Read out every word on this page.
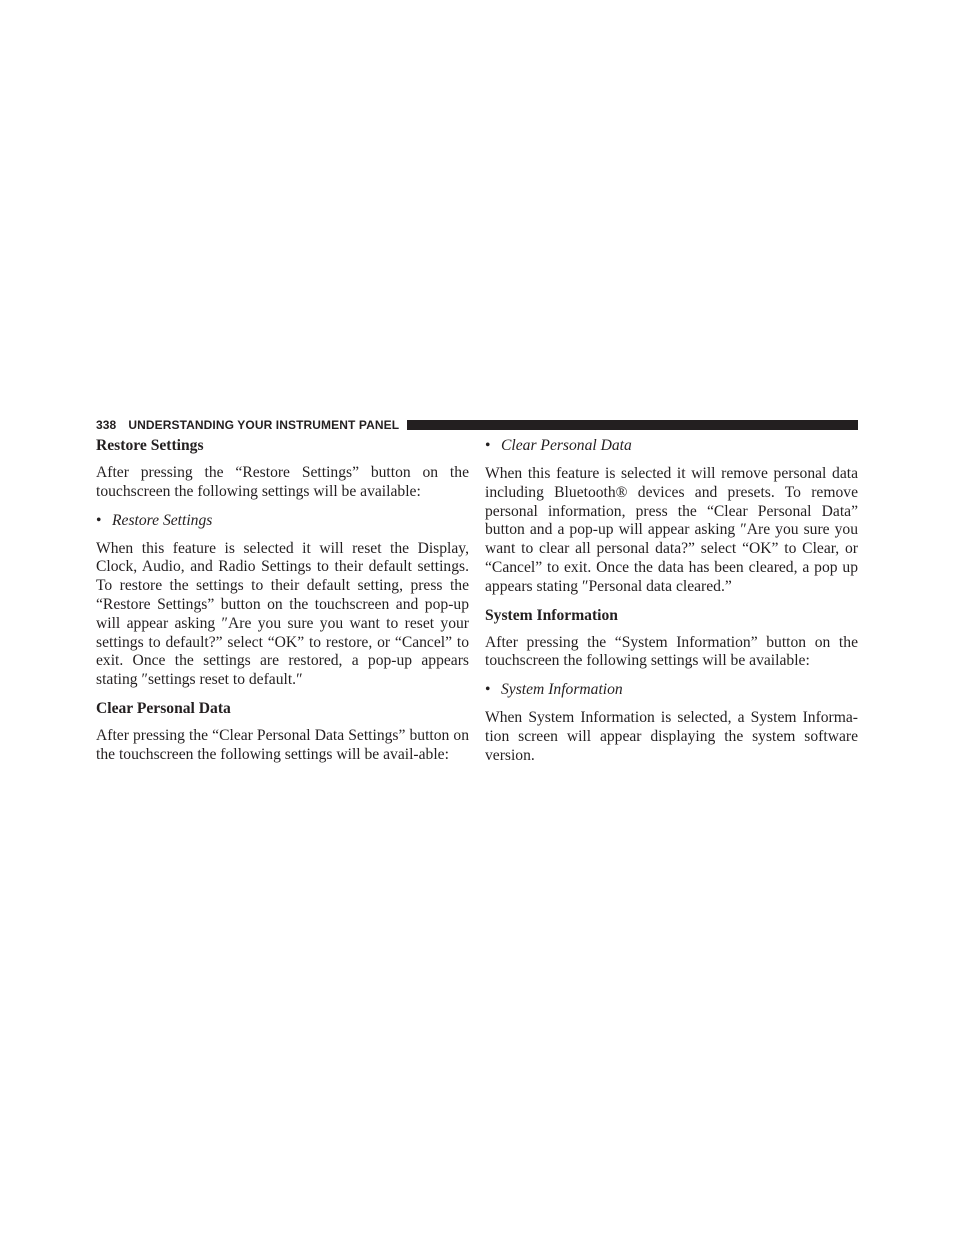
338 UNDERSTANDING YOUR INSTRUMENT PANEL
Restore Settings

After pressing the “Restore Settings” button on the touchscreen the following settings will be available:

• Restore Settings

When this feature is selected it will reset the Display, Clock, Audio, and Radio Settings to their default settings. To restore the settings to their default setting, press the “Restore Settings” button on the touchscreen and pop-up will appear asking ″Are you sure you want to reset your settings to default?” select “OK” to restore, or “Cancel” to exit. Once the settings are restored, a pop-up appears stating ″settings reset to default.″

Clear Personal Data

After pressing the “Clear Personal Data Settings” button on the touchscreen the following settings will be avail-able:

• Clear Personal Data

When this feature is selected it will remove personal data including Bluetooth® devices and presets. To remove personal information, press the “Clear Personal Data” button and a pop-up will appear asking ″Are you sure you want to clear all personal data?” select “OK” to Clear, or “Cancel” to exit. Once the data has been cleared, a pop up appears stating ″Personal data cleared.”

System Information

After pressing the “System Information” button on the touchscreen the following settings will be available:

• System Information

When System Information is selected, a System Informa-tion screen will appear displaying the system software version.
